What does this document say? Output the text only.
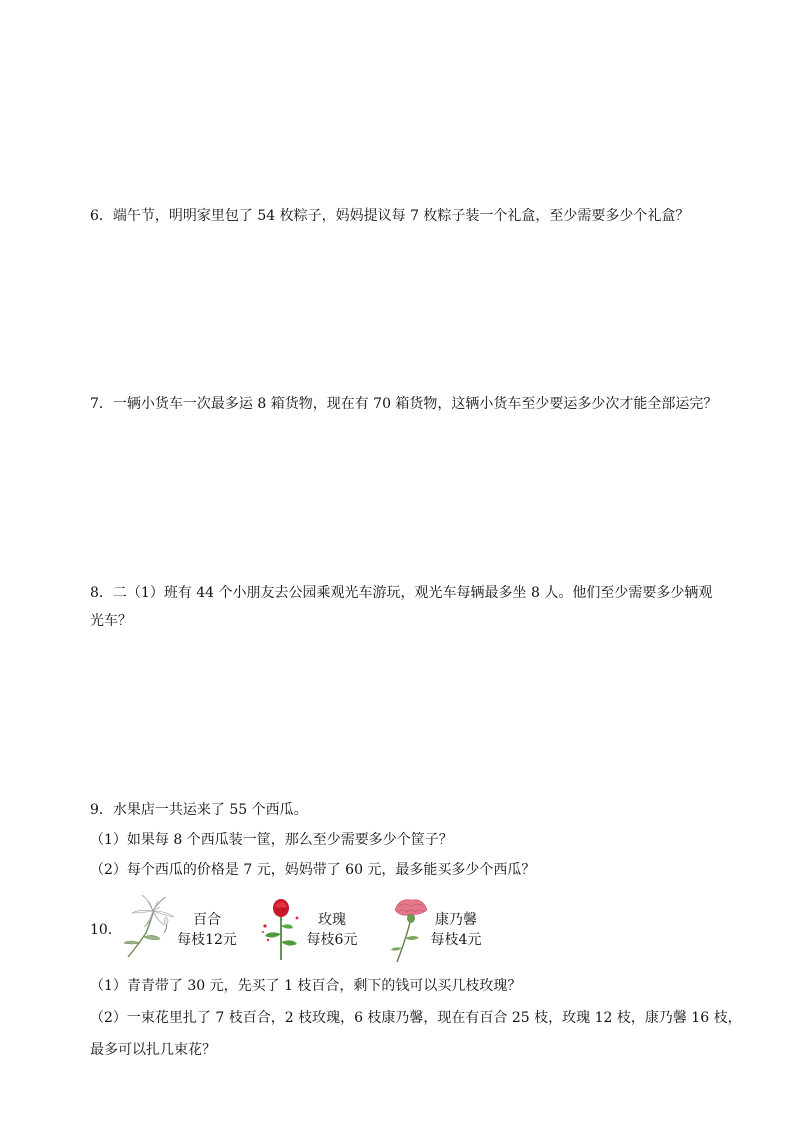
6．端午节，明明家里包了 54 枚粽子，妈妈提议每 7 枚粽子装一个礼盒，至少需要多少个礼盒？

7．一辆小货车一次最多运 8 箱货物，现在有 70 箱货物，这辆小货车至少要运多少次才能全部运完？

8．二（1）班有 44 个小朋友去公园乘观光车游玩，观光车每辆最多坐 8 人。他们至少需要多少辆观

光车？

9．水果店一共运来了 55 个西瓜。

（1）如果每 8 个西瓜装一筐，那么至少需要多少个筐子？

（2）每个西瓜的价格是 7 元，妈妈带了 60 元，最多能买多少个西瓜？

10．

百合
每枝12元
玫瑰
每枝6元
康乃馨
每枝4元

（1）青青带了 30 元，先买了 1 枝百合，剩下的钱可以买几枝玫瑰？

（2）一束花里扎了 7 枝百合，2 枝玫瑰，6 枝康乃馨，现在有百合 25 枝，玫瑰 12 枝，康乃馨 16 枝，

最多可以扎几束花？
